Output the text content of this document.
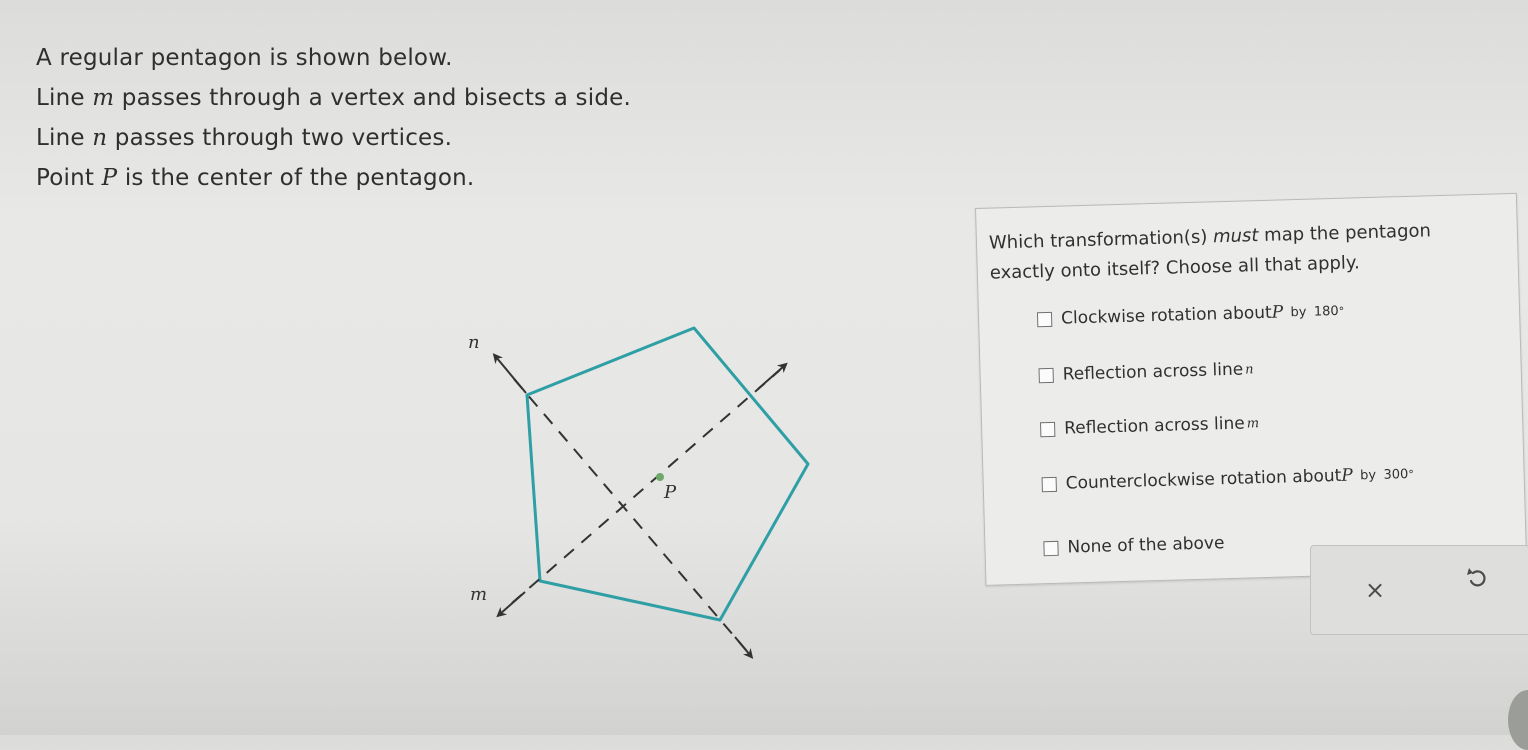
A regular pentagon is shown below.
Line m passes through a vertex and bisects a side.
Line n passes through two vertices.
Point P is the center of the pentagon.
n
m
P
Which transformation(s) must map the pentagon exactly onto itself? Choose all that apply.
Clockwise rotation about P
by
180 °
Reflection across line n
Reflection across line m
Counterclockwise rotation about P
by
300 °
None of the above
×
